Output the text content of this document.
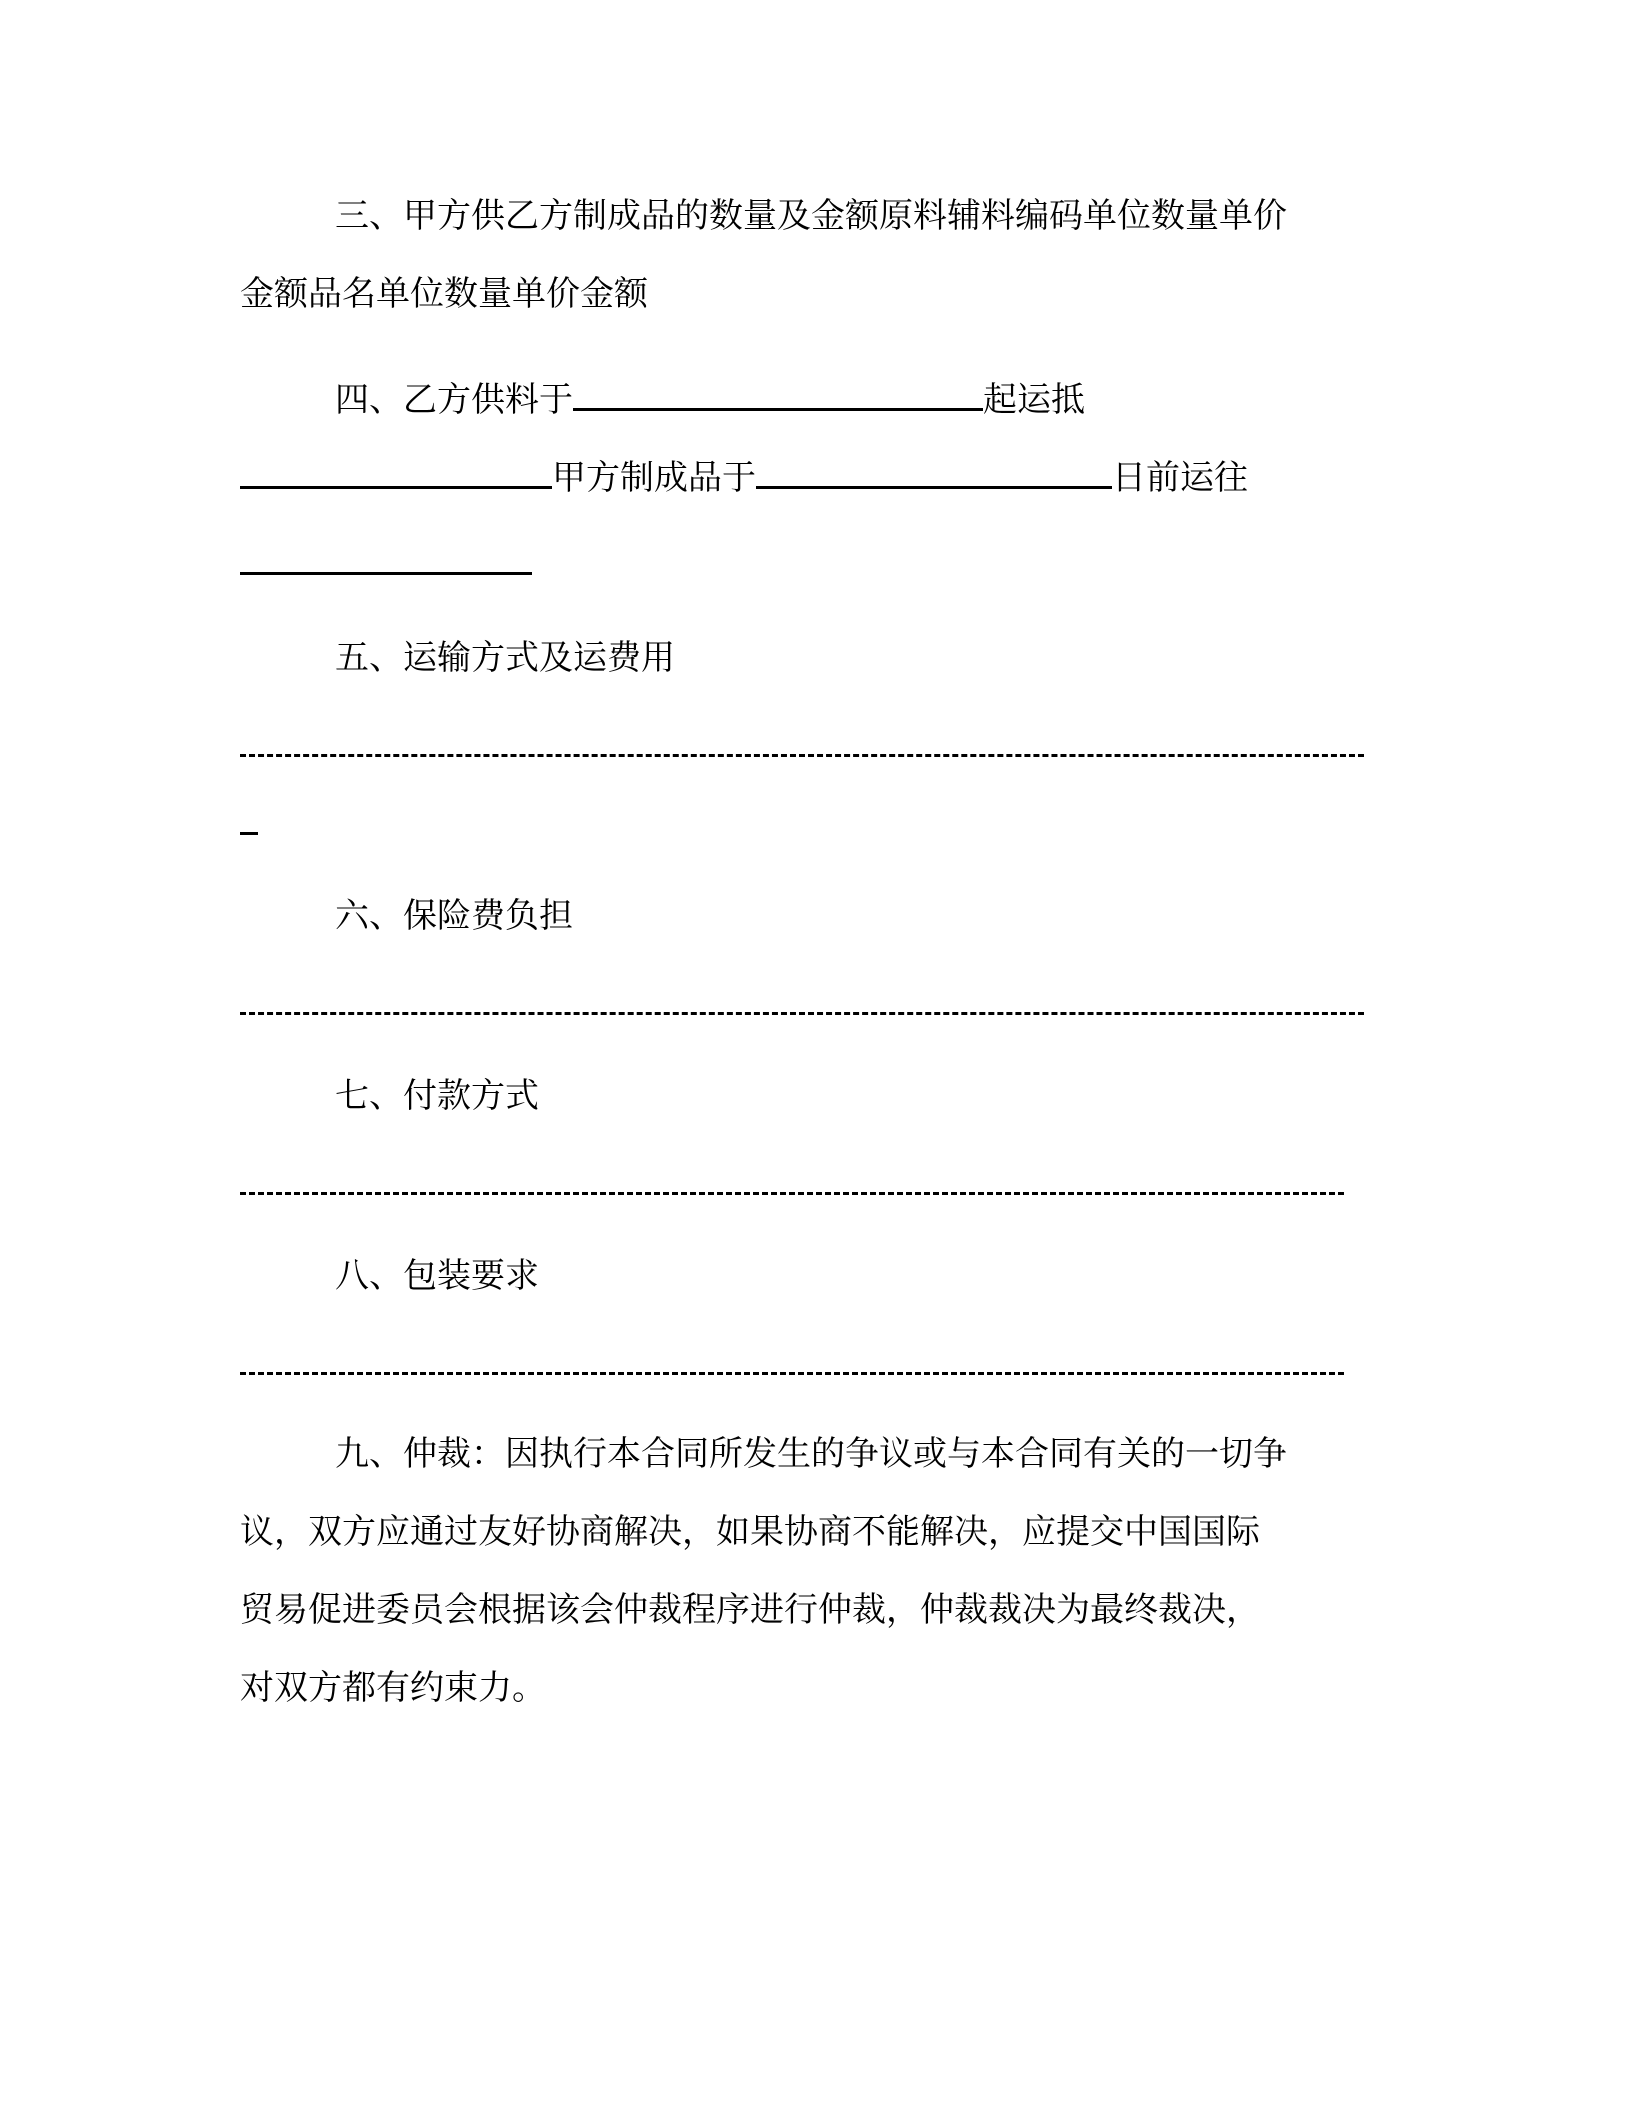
三、甲方供乙方制成品的数量及金额原料辅料编码单位数量单价
金额品名单位数量单价金额
四、乙方供料于	起运抵
甲方制成品于	日前运往
五、运输方式及运费用
六、保险费负担
七、付款方式
八、包装要求
九、仲裁：因执行本合同所发生的争议或与本合同有关的一切争
议，双方应通过友好协商解决，如果协商不能解决，应提交中国国际
贸易促进委员会根据该会仲裁程序进行仲裁，仲裁裁决为最终裁决，
对双方都有约束力。
